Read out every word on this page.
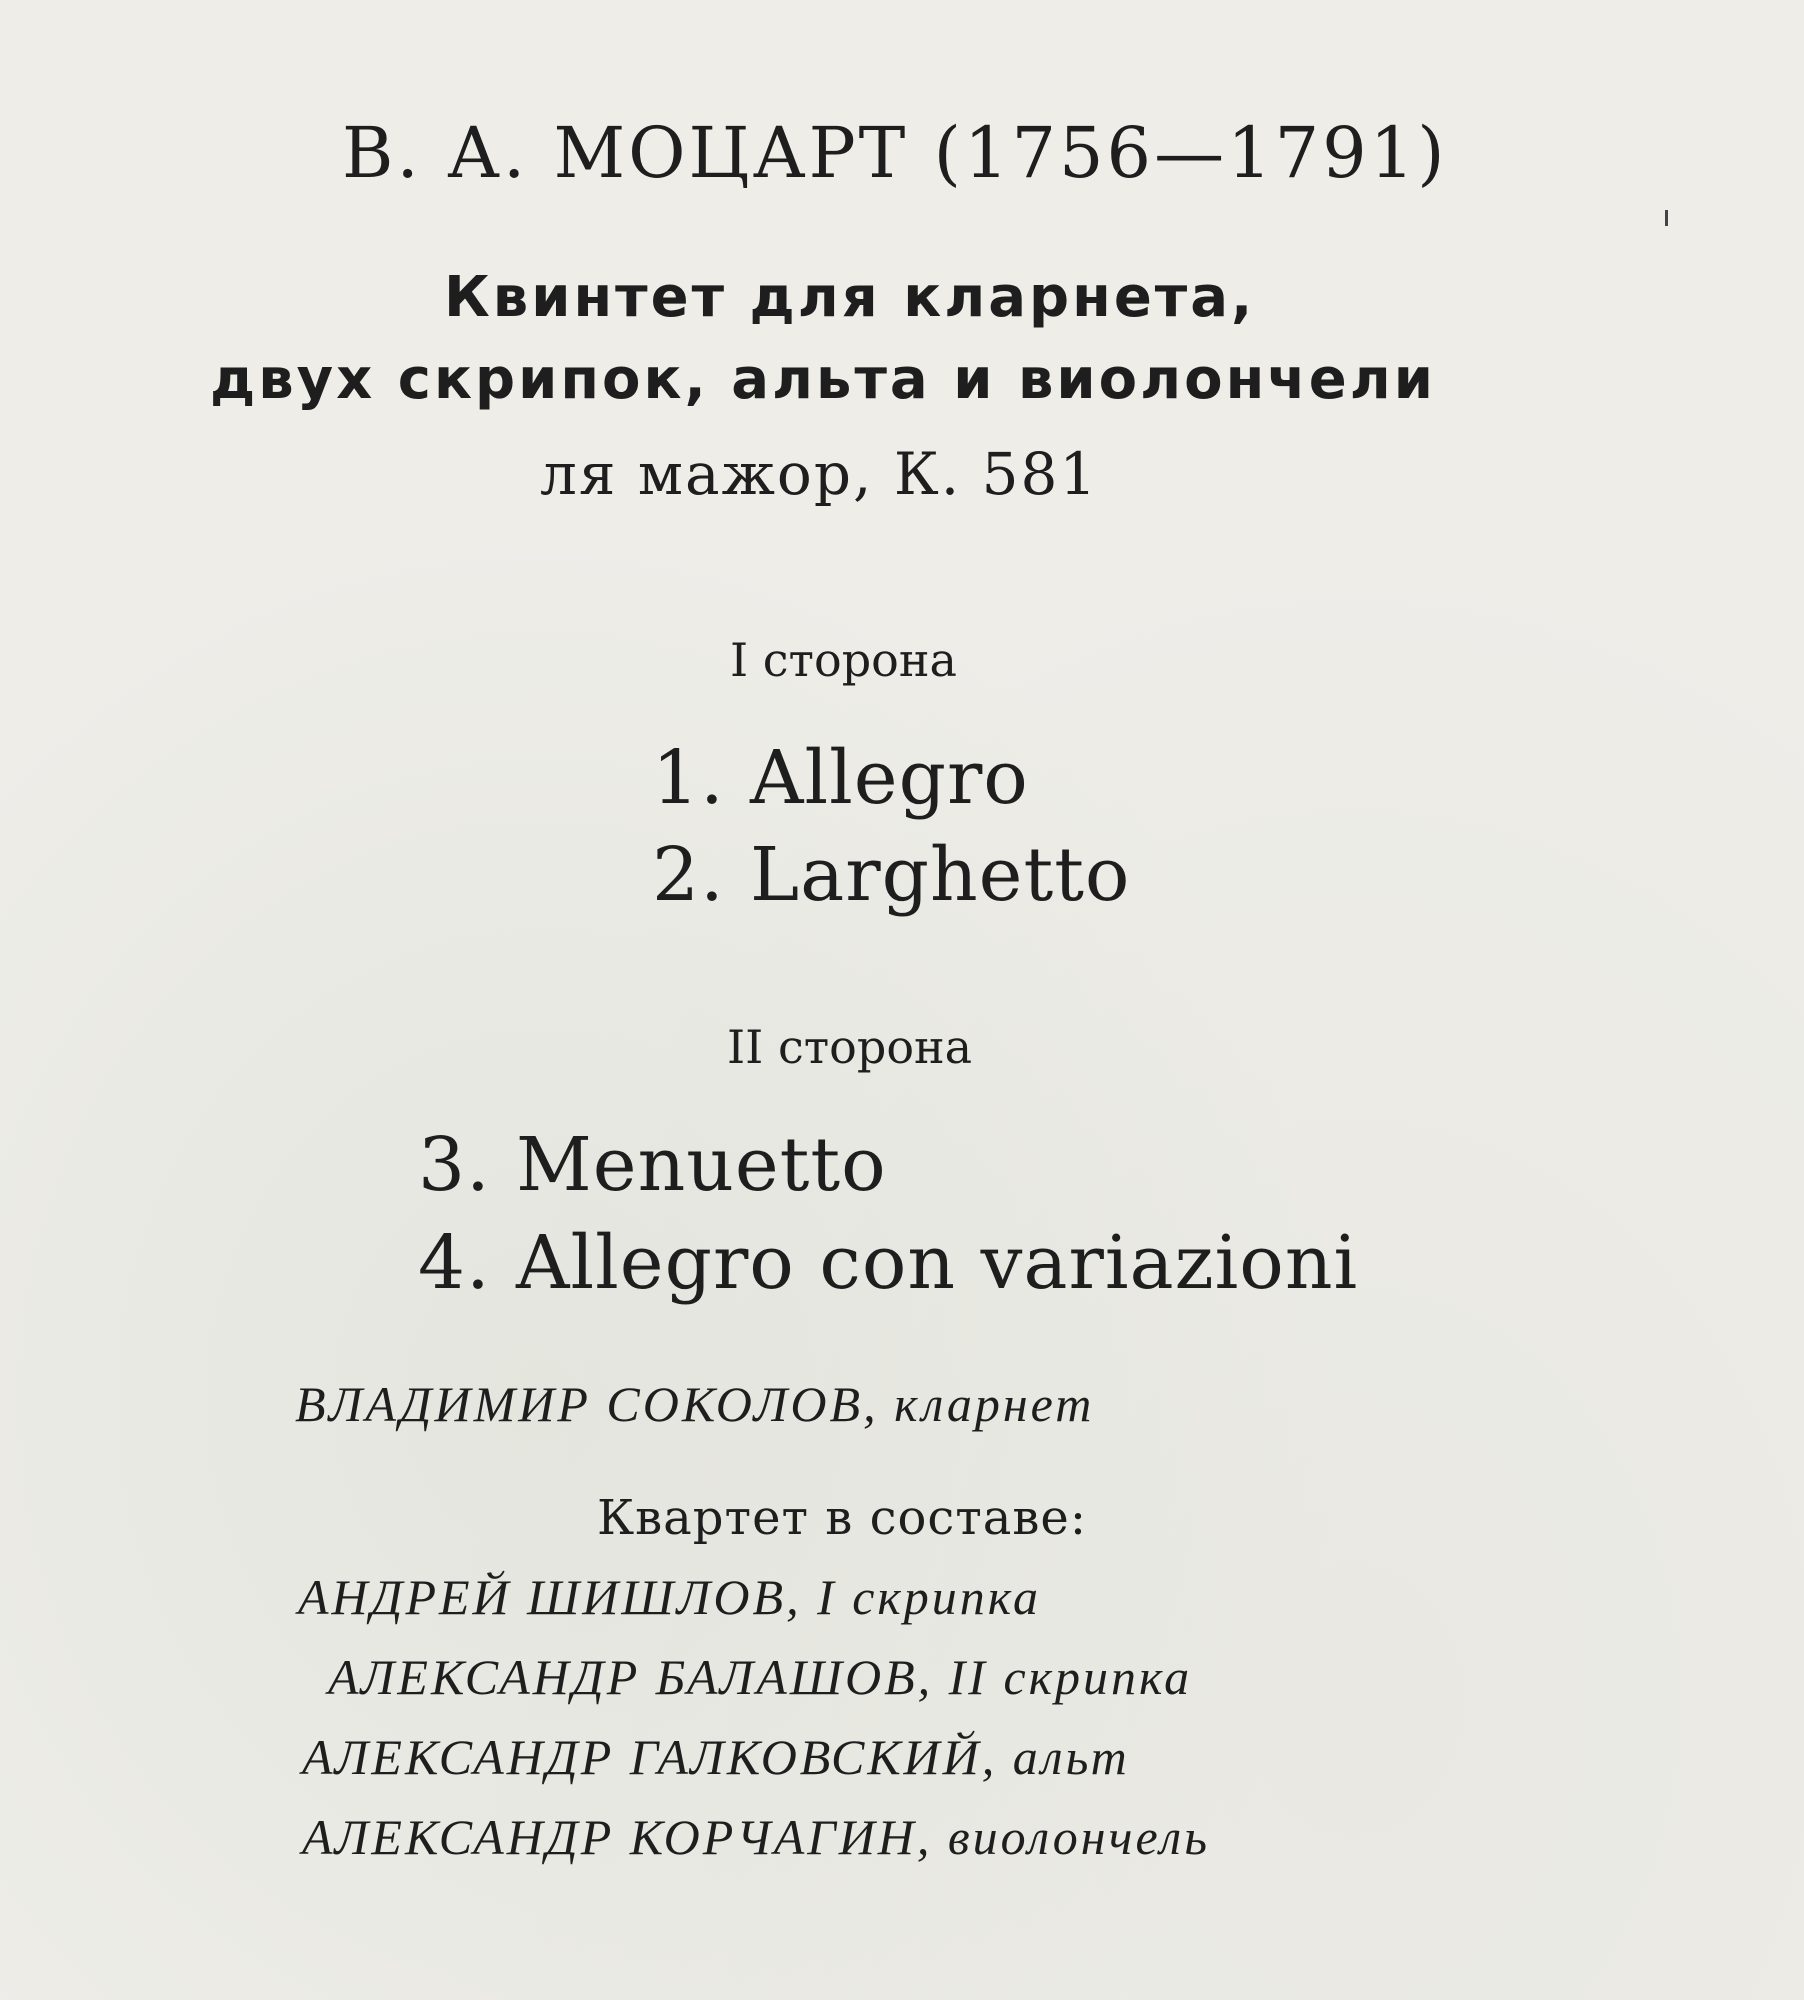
В. А. МОЦАРТ (1756—1791)

Квинтет для кларнета,

двух скрипок, альта и виолончели

ля мажор, К. 581

I сторона

1. Allegro

2. Larghetto

II сторона

3. Menuetto

4. Allegro con variazioni

ВЛАДИМИР СОКОЛОВ, кларнет

Квартет в составе:

АНДРЕЙ ШИШЛОВ, I скрипка

АЛЕКСАНДР БАЛАШОВ, II скрипка

АЛЕКСАНДР ГАЛКОВСКИЙ, альт

АЛЕКСАНДР КОРЧАГИН, виолончель
